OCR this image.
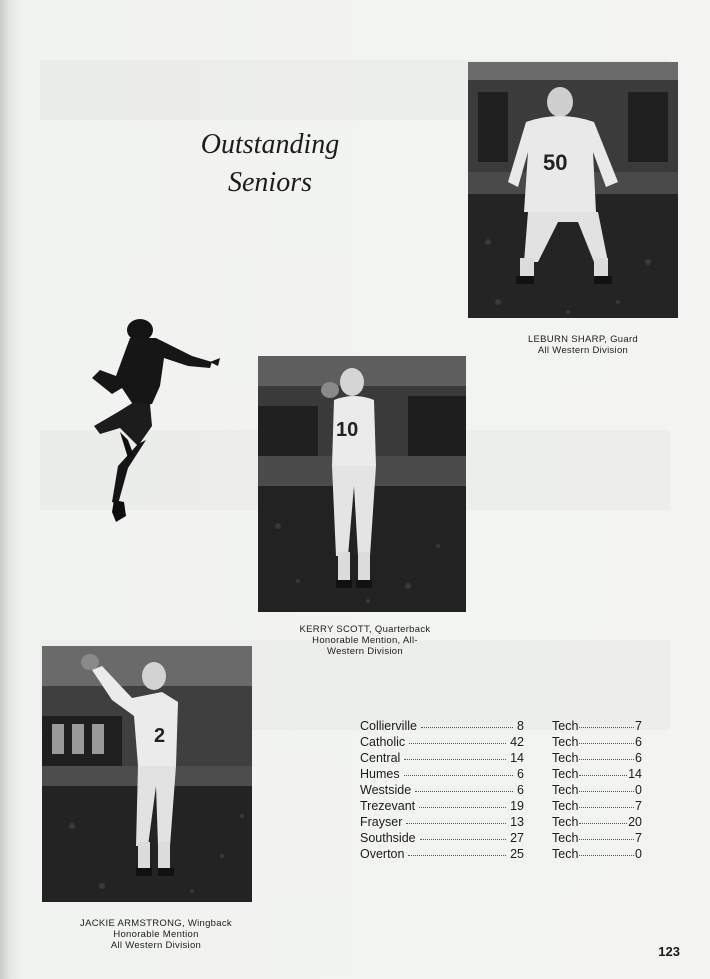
Outstanding
Seniors
50
LEBURN SHARP, Guard
All Western Division
10
KERRY SCOTT, Quarterback
Honorable Mention, All-
Western Division
2
JACKIE ARMSTRONG, Wingback
Honorable Mention
All Western Division
Collierville	8 Tech	7
Catholic	42 Tech	6
Central	14 Tech	6
Humes	6 Tech	14
Westside	6 Tech	0
Trezevant	19 Tech	7
Frayser	13 Tech	20
Southside	27 Tech	7
Overton	25 Tech	0
123
